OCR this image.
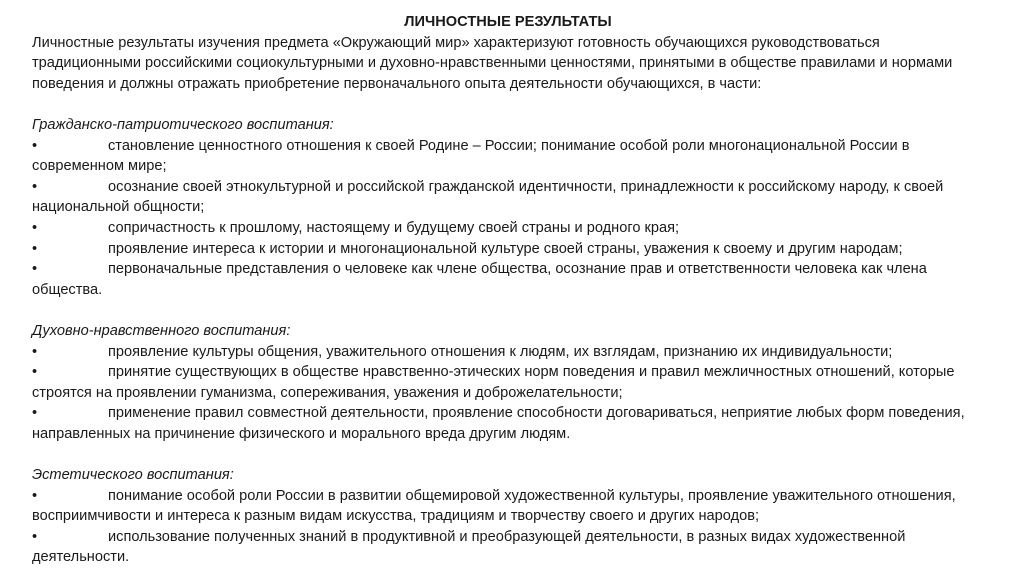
ЛИЧНОСТНЫЕ РЕЗУЛЬТАТЫ

Личностные результаты изучения предмета «Окружающий мир» характеризуют готовность обучающихся руководствоваться традиционными российскими социокультурными и духовно-нравственными ценностями, принятыми в обществе правилами и нормами поведения и должны отражать приобретение первоначального опыта деятельности обучающихся, в части:

Гражданско-патриотического воспитания:

•	становление ценностного отношения к своей Родине – России; понимание особой роли многонациональной России в современном мире;

•	осознание своей этнокультурной и российской гражданской идентичности, принадлежности к российскому народу, к своей национальной общности;

•	сопричастность к прошлому, настоящему и будущему своей страны и родного края;

•	проявление интереса к истории и многонациональной культуре своей страны, уважения к своему и другим народам;

•	первоначальные представления о человеке как члене общества, осознание прав и ответственности человека как члена общества.

Духовно-нравственного воспитания:

•	проявление культуры общения, уважительного отношения к людям, их взглядам, признанию их индивидуальности;

•	принятие существующих в обществе нравственно-этических норм поведения и правил межличностных отношений, которые строятся на проявлении гуманизма, сопереживания, уважения и доброжелательности;

•	применение правил совместной деятельности, проявление способности договариваться, неприятие любых форм поведения, направленных на причинение физического и морального вреда другим людям.

Эстетического воспитания:

•	понимание особой роли России в развитии общемировой художественной культуры, проявление уважительного отношения, восприимчивости и интереса к разным видам искусства, традициям и творчеству своего и других народов;

•	использование полученных знаний в продуктивной и преобразующей деятельности, в разных видах художественной деятельности.
